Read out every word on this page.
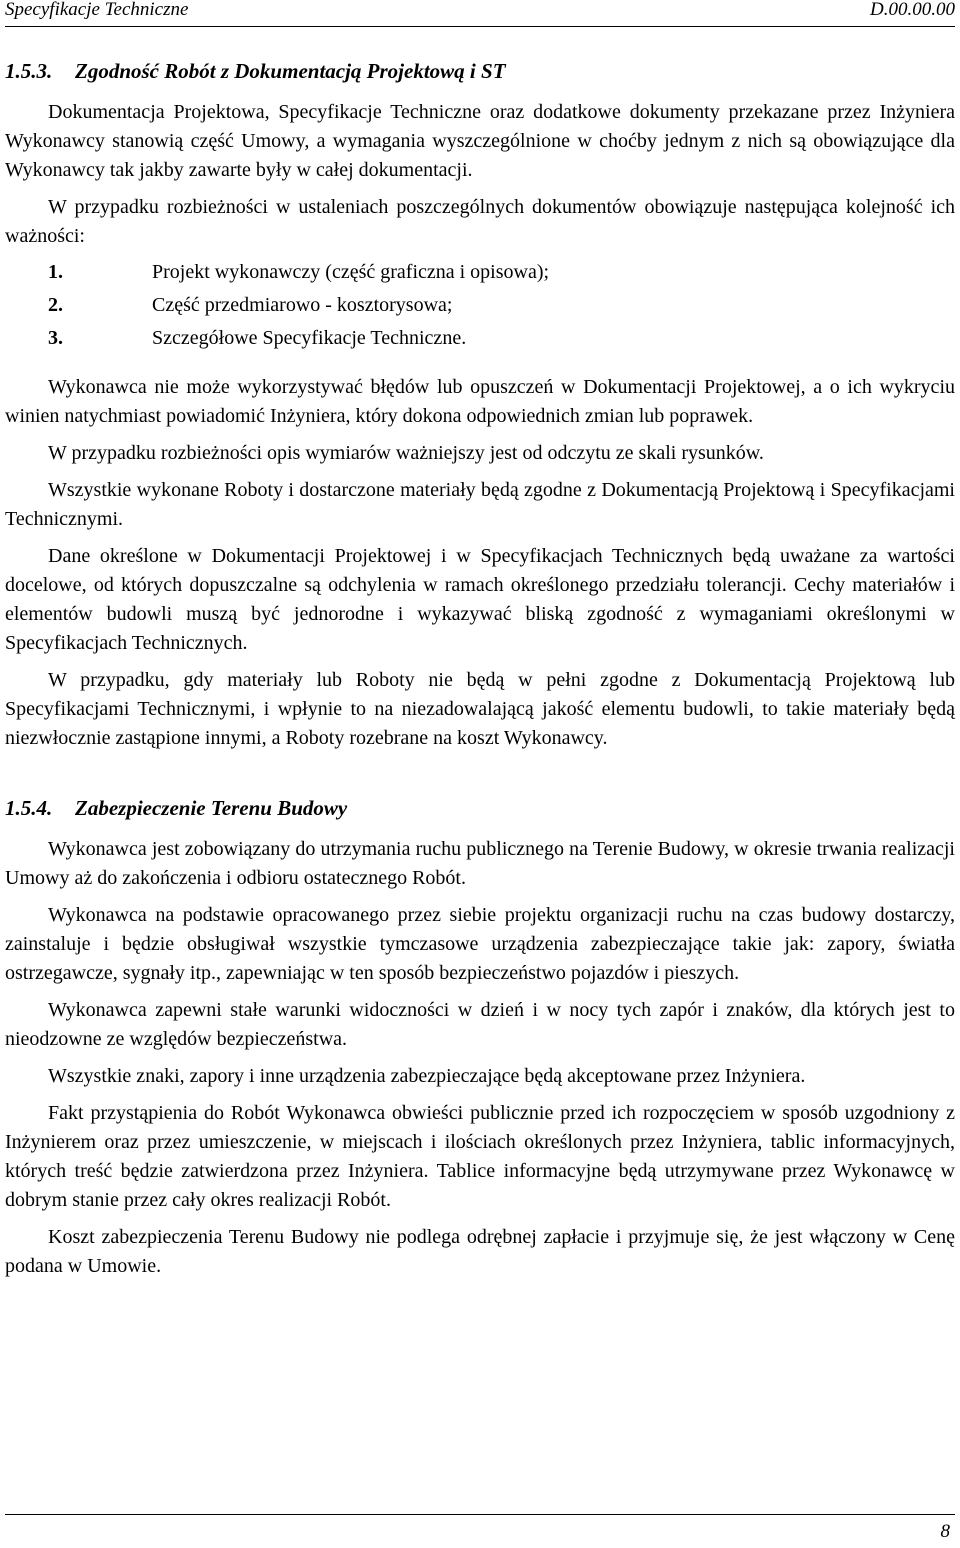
Specyfikacje Techniczne	D.00.00.00
1.5.3. Zgodność Robót z Dokumentacją Projektową i ST

Dokumentacja Projektowa, Specyfikacje Techniczne oraz dodatkowe dokumenty przekazane przez Inżyniera Wykonawcy stanowią część Umowy, a wymagania wyszczególnione w choćby jednym z nich są obowiązujące dla Wykonawcy tak jakby zawarte były w całej dokumentacji.

W przypadku rozbieżności w ustaleniach poszczególnych dokumentów obowiązuje następująca kolejność ich ważności:

1.	Projekt wykonawczy (część graficzna i opisowa);
2.	Część przedmiarowo - kosztorysowa;
3.	Szczegółowe Specyfikacje Techniczne.

Wykonawca nie może wykorzystywać błędów lub opuszczeń w Dokumentacji Projektowej, a o ich wykryciu winien natychmiast powiadomić Inżyniera, który dokona odpowiednich zmian lub poprawek.

W przypadku rozbieżności opis wymiarów ważniejszy jest od odczytu ze skali rysunków.

Wszystkie wykonane Roboty i dostarczone materiały będą zgodne z Dokumentacją Projektową i Specyfikacjami Technicznymi.

Dane określone w Dokumentacji Projektowej i w Specyfikacjach Technicznych będą uważane za wartości docelowe, od których dopuszczalne są odchylenia w ramach określonego przedziału tolerancji. Cechy materiałów i elementów budowli muszą być jednorodne i wykazywać bliską zgodność z wymaganiami określonymi w Specyfikacjach Technicznych.

W przypadku, gdy materiały lub Roboty nie będą w pełni zgodne z Dokumentacją Projektową lub Specyfikacjami Technicznymi, i wpłynie to na niezadowalającą jakość elementu budowli, to takie materiały będą niezwłocznie zastąpione innymi, a Roboty rozebrane na koszt Wykonawcy.

1.5.4. Zabezpieczenie Terenu Budowy

Wykonawca jest zobowiązany do utrzymania ruchu publicznego na Terenie Budowy, w okresie trwania realizacji Umowy aż do zakończenia i odbioru ostatecznego Robót.

Wykonawca na podstawie opracowanego przez siebie projektu organizacji ruchu na czas budowy dostarczy, zainstaluje i będzie obsługiwał wszystkie tymczasowe urządzenia zabezpieczające takie jak: zapory, światła ostrzegawcze, sygnały itp., zapewniając w ten sposób bezpieczeństwo pojazdów i pieszych.

Wykonawca zapewni stałe warunki widoczności w dzień i w nocy tych zapór i znaków, dla których jest to nieodzowne ze względów bezpieczeństwa.

Wszystkie znaki, zapory i inne urządzenia zabezpieczające będą akceptowane przez Inżyniera.

Fakt przystąpienia do Robót Wykonawca obwieści publicznie przed ich rozpoczęciem w sposób uzgodniony z Inżynierem oraz przez umieszczenie, w miejscach i ilościach określonych przez Inżyniera, tablic informacyjnych, których treść będzie zatwierdzona przez Inżyniera. Tablice informacyjne będą utrzymywane przez Wykonawcę w dobrym stanie przez cały okres realizacji Robót.

Koszt zabezpieczenia Terenu Budowy nie podlega odrębnej zapłacie i przyjmuje się, że jest włączony w Cenę podana w Umowie.

8
